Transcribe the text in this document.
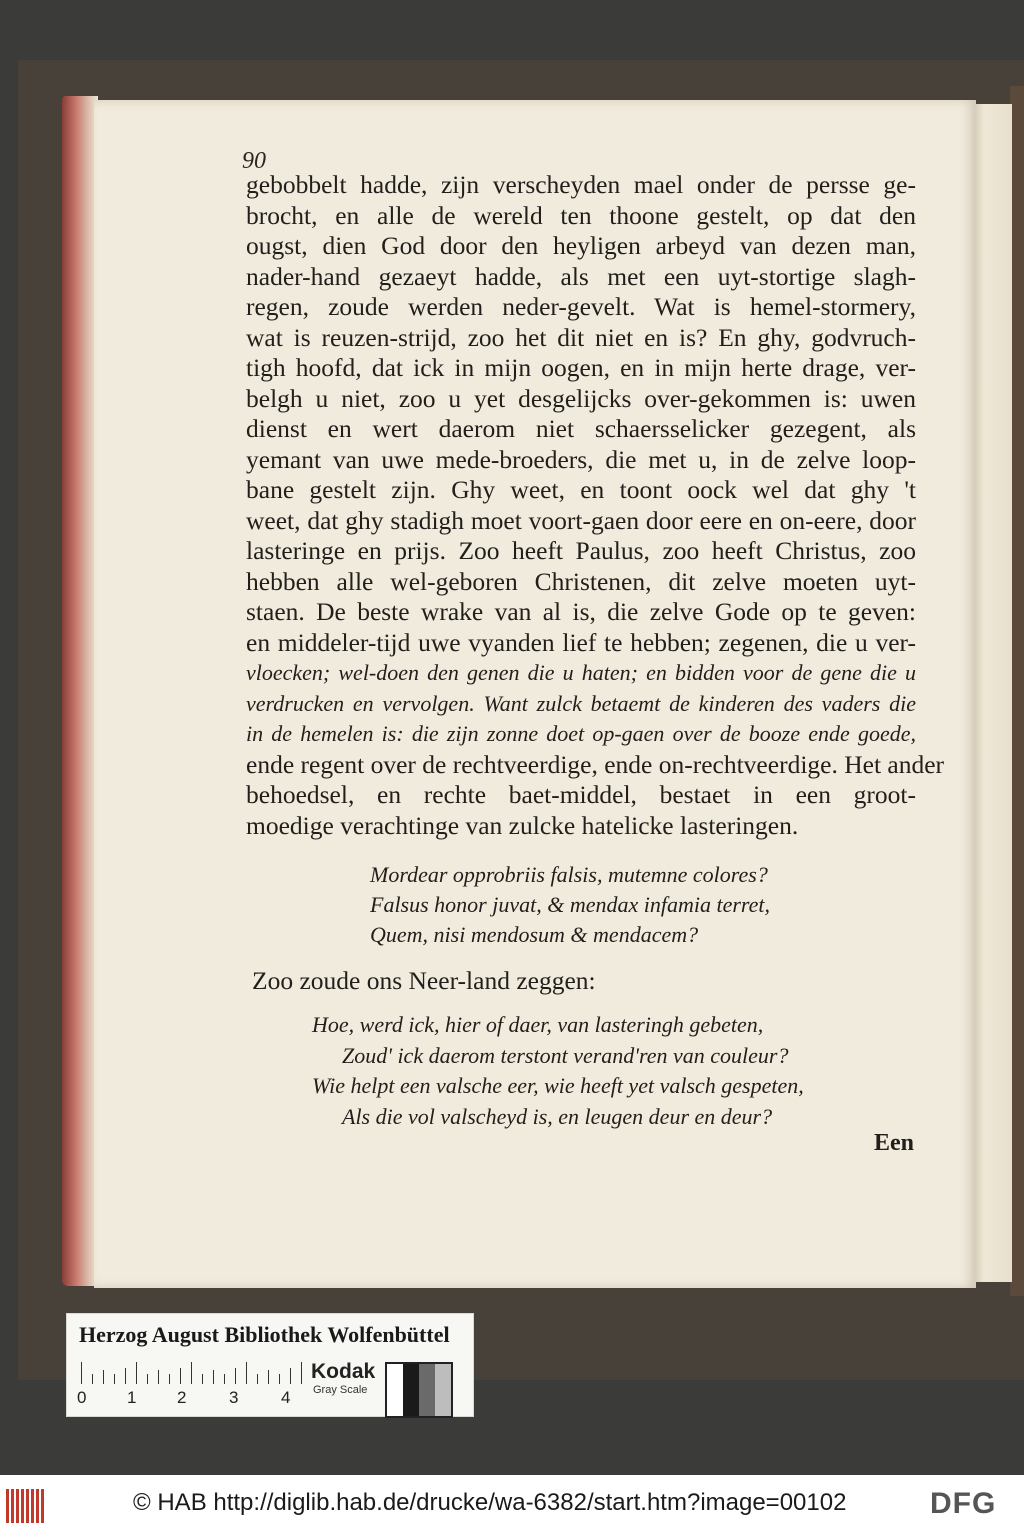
90
gebobbelt hadde, zijn verscheyden mael onder de persse ge-
brocht, en alle de wereld ten thoone gestelt, op dat den
ougst, dien God door den heyligen arbeyd van dezen man,
nader-hand gezaeyt hadde, als met een uyt-stortige slagh-
regen, zoude werden neder-gevelt. Wat is hemel-stormery,
wat is reuzen-strijd, zoo het dit niet en is? En ghy, godvruch-
tigh hoofd, dat ick in mijn oogen, en in mijn herte drage, ver-
belgh u niet, zoo u yet desgelijcks over-gekommen is: uwen
dienst en wert daerom niet schaersselicker gezegent, als
yemant van uwe mede-broeders, die met u, in de zelve loop-
bane gestelt zijn. Ghy weet, en toont oock wel dat ghy 't
weet, dat ghy stadigh moet voort-gaen door eere en on-eere, door
lasteringe en prijs. Zoo heeft Paulus, zoo heeft Christus, zoo
hebben alle wel-geboren Christenen, dit zelve moeten uyt-
staen. De beste wrake van al is, die zelve Gode op te geven:
en middeler-tijd uwe vyanden lief te hebben; zegenen, die u ver-
vloecken; wel-doen den genen die u haten; en bidden voor de gene die u
verdrucken en vervolgen. Want zulck betaemt de kinderen des vaders die
in de hemelen is: die zijn zonne doet op-gaen over de booze ende goede,
ende regent over de rechtveerdige, ende on-rechtveerdige. Het ander
behoedsel, en rechte baet-middel, bestaet in een groot-
moedige verachtinge van zulcke hatelicke lasteringen.
Mordear opprobriis falsis, mutemne colores?
Falsus honor juvat, & mendax infamia terret,
Quem, nisi mendosum & mendacem?
Zoo zoude ons Neer-land zeggen:
Hoe, werd ick, hier of daer, van lasteringh gebeten,
Zoud' ick daerom terstont verand'ren van couleur?
Wie helpt een valsche eer, wie heeft yet valsch gespeten,
Als die vol valscheyd is, en leugen deur en deur?
Een
Herzog August Bibliothek Wolfenbüttel
0 1 2	3	4
Kodak
Gray Scale
© HAB http://diglib.hab.de/drucke/wa-6382/start.htm?image=00102	DFG
